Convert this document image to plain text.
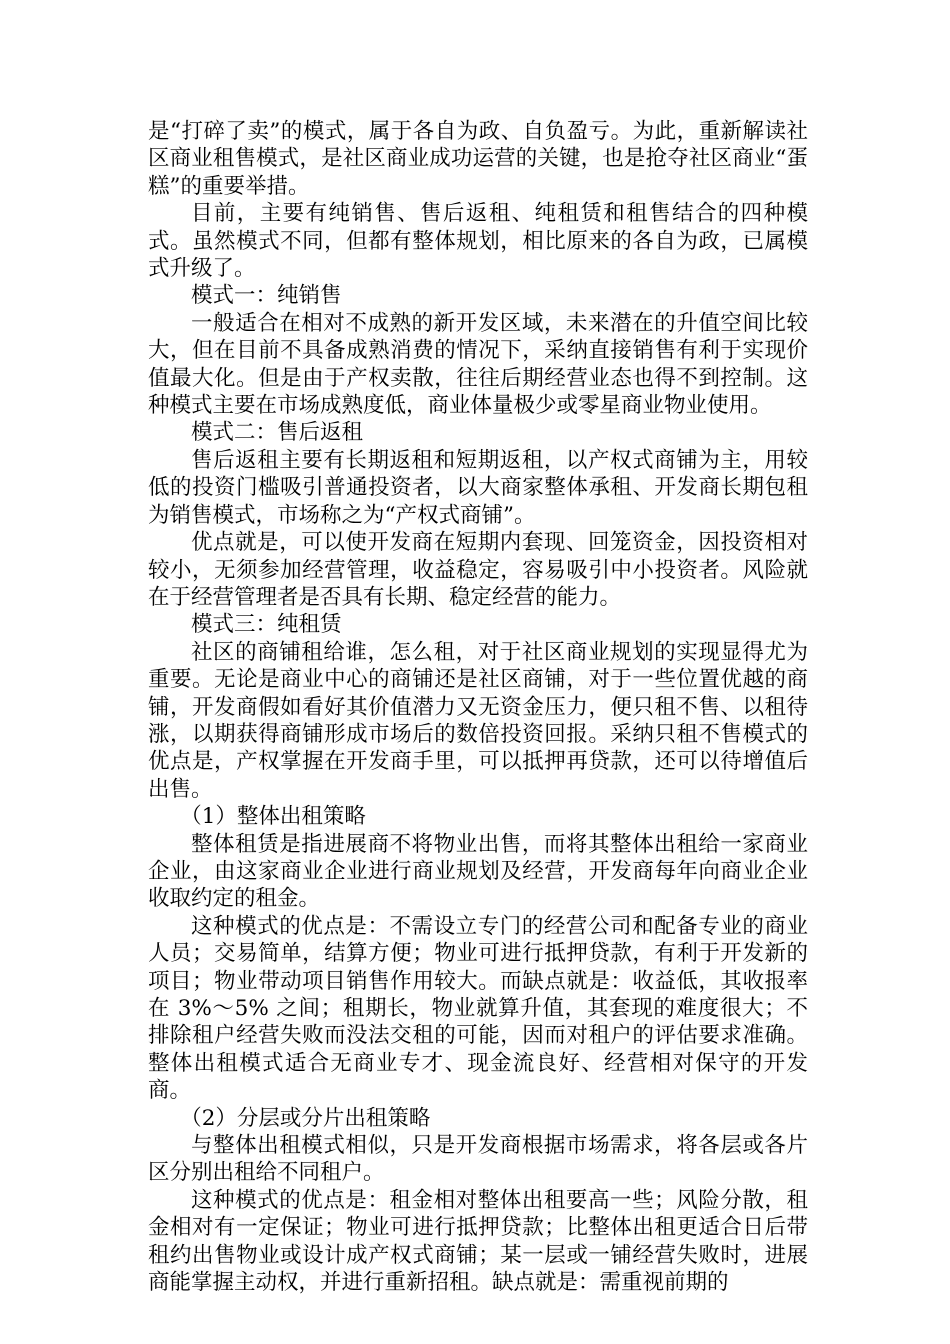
是“打碎了卖”的模式，属于各自为政、自负盈亏。为此，重新解读社区商业租售模式，是社区商业成功运营的关键，也是抢夺社区商业“蛋糕”的重要举措。

目前，主要有纯销售、售后返租、纯租赁和租售结合的四种模式。虽然模式不同，但都有整体规划，相比原来的各自为政，已属模式升级了。

模式一：纯销售

一般适合在相对不成熟的新开发区域，未来潜在的升值空间比较大，但在目前不具备成熟消费的情况下，采纳直接销售有利于实现价值最大化。但是由于产权卖散，往往后期经营业态也得不到控制。这种模式主要在市场成熟度低，商业体量极少或零星商业物业使用。

模式二：售后返租

售后返租主要有长期返租和短期返租，以产权式商铺为主，用较低的投资门槛吸引普通投资者，以大商家整体承租、开发商长期包租为销售模式，市场称之为“产权式商铺”。

优点就是，可以使开发商在短期内套现、回笼资金，因投资相对较小，无须参加经营管理，收益稳定，容易吸引中小投资者。风险就在于经营管理者是否具有长期、稳定经营的能力。

模式三：纯租赁

社区的商铺租给谁，怎么租，对于社区商业规划的实现显得尤为重要。无论是商业中心的商铺还是社区商铺，对于一些位置优越的商铺，开发商假如看好其价值潜力又无资金压力，便只租不售、以租待涨，以期获得商铺形成市场后的数倍投资回报。采纳只租不售模式的优点是，产权掌握在开发商手里，可以抵押再贷款，还可以待增值后出售。

（1）整体出租策略

整体租赁是指进展商不将物业出售，而将其整体出租给一家商业企业，由这家商业企业进行商业规划及经营，开发商每年向商业企业收取约定的租金。

这种模式的优点是：不需设立专门的经营公司和配备专业的商业人员；交易简单，结算方便；物业可进行抵押贷款，有利于开发新的项目；物业带动项目销售作用较大。而缺点就是：收益低，其收报率在 3%～5% 之间；租期长，物业就算升值，其套现的难度很大；不排除租户经营失败而没法交租的可能，因而对租户的评估要求准确。整体出租模式适合无商业专才、现金流良好、经营相对保守的开发商。

（2）分层或分片出租策略

与整体出租模式相似，只是开发商根据市场需求，将各层或各片区分别出租给不同租户。

这种模式的优点是：租金相对整体出租要高一些；风险分散，租金相对有一定保证；物业可进行抵押贷款；比整体出租更适合日后带租约出售物业或设计成产权式商铺；某一层或一铺经营失败时，进展商能掌握主动权，并进行重新招租。缺点就是：需重视前期的
